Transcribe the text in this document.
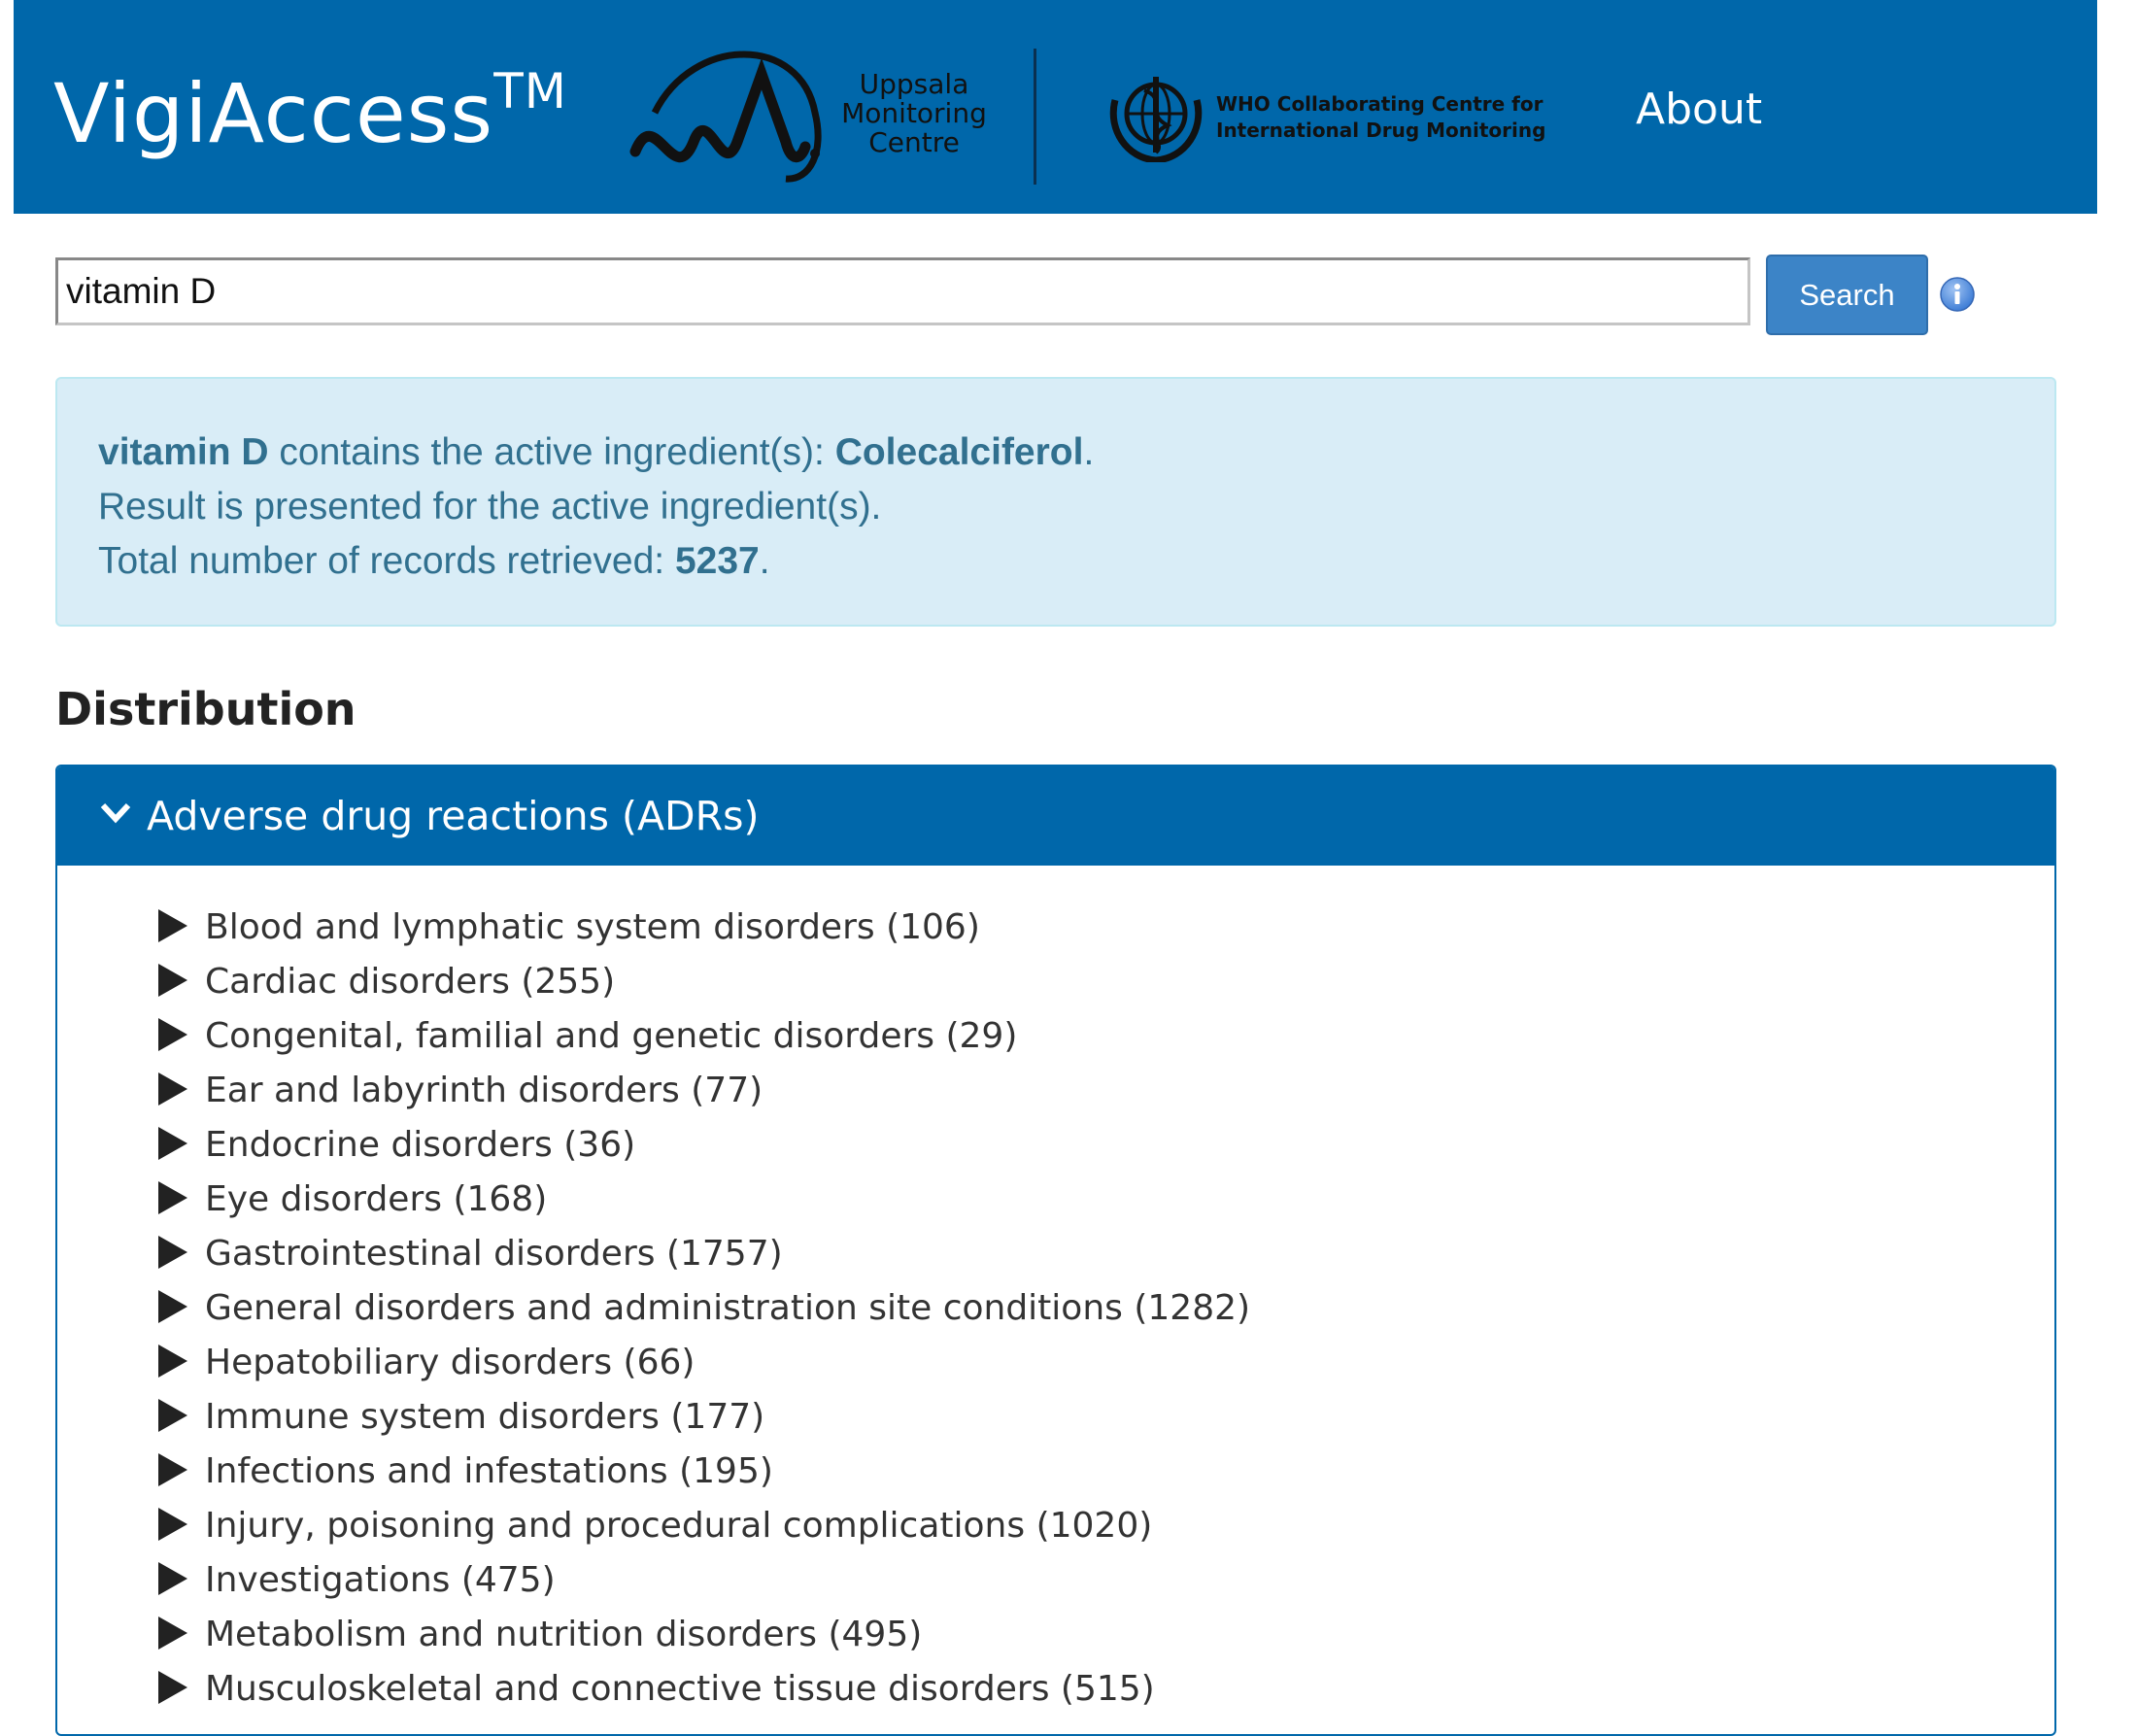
VigiAccess™	Uppsala
Monitoring
Centre
WHO Collaborating Centre for
International Drug Monitoring About
vitamin D
Search

vitamin D contains the active ingredient(s): Colecalciferol.

Result is presented for the active ingredient(s).

Total number of records retrieved: 5237.

Distribution
Adverse drug reactions (ADRs)
Blood and lymphatic system disorders (106)
Cardiac disorders (255)
Congenital, familial and genetic disorders (29)
Ear and labyrinth disorders (77)
Endocrine disorders (36)
Eye disorders (168)
Gastrointestinal disorders (1757)
General disorders and administration site conditions (1282)
Hepatobiliary disorders (66)
Immune system disorders (177)
Infections and infestations (195)
Injury, poisoning and procedural complications (1020)
Investigations (475)
Metabolism and nutrition disorders (495)
Musculoskeletal and connective tissue disorders (515)
